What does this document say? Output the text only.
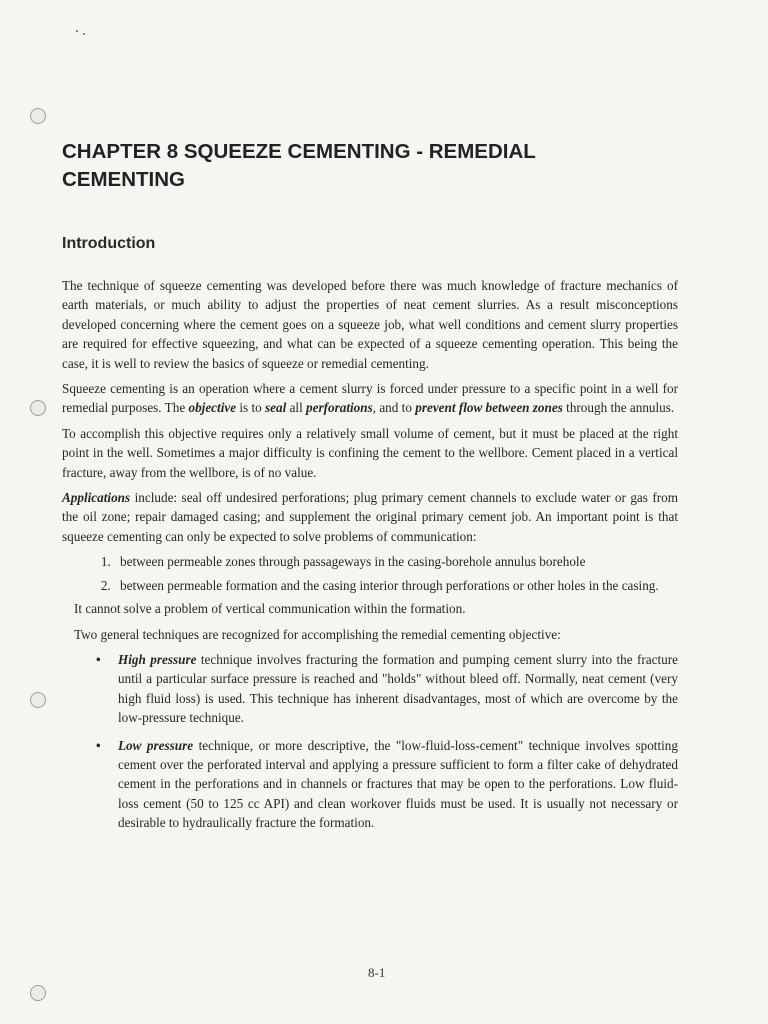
CHAPTER 8 SQUEEZE CEMENTING - REMEDIAL CEMENTING
Introduction

The technique of squeeze cementing was developed before there was much knowledge of fracture mechanics of earth materials, or much ability to adjust the properties of neat cement slurries. As a result misconceptions developed concerning where the cement goes on a squeeze job, what well conditions and cement slurry properties are required for effective squeezing, and what can be expected of a squeeze cementing operation. This being the case, it is well to review the basics of squeeze or remedial cementing.

Squeeze cementing is an operation where a cement slurry is forced under pressure to a specific point in a well for remedial purposes. The objective is to seal all perforations, and to prevent flow between zones through the annulus.

To accomplish this objective requires only a relatively small volume of cement, but it must be placed at the right point in the well. Sometimes a major difficulty is confining the cement to the wellbore. Cement placed in a vertical fracture, away from the wellbore, is of no value.

Applications include: seal off undesired perforations; plug primary cement channels to exclude water or gas from the oil zone; repair damaged casing; and supplement the original primary cement job. An important point is that squeeze cementing can only be expected to solve problems of communication:

1. between permeable zones through passageways in the casing-borehole annulus borehole
2. between permeable formation and the casing interior through perforations or other holes in the casing.

It cannot solve a problem of vertical communication within the formation.

Two general techniques are recognized for accomplishing the remedial cementing objective:

• High pressure technique involves fracturing the formation and pumping cement slurry into the fracture until a particular surface pressure is reached and "holds" without bleed off. Normally, neat cement (very high fluid loss) is used. This technique has inherent disadvantages, most of which are overcome by the low-pressure technique.
• Low pressure technique, or more descriptive, the "low-fluid-loss-cement" technique involves spotting cement over the perforated interval and applying a pressure sufficient to form a filter cake of dehydrated cement in the perforations and in channels or fractures that may be open to the perforations. Low fluid-loss cement (50 to 125 cc API) and clean workover fluids must be used. It is usually not necessary or desirable to hydraulically fracture the formation.
8-1
